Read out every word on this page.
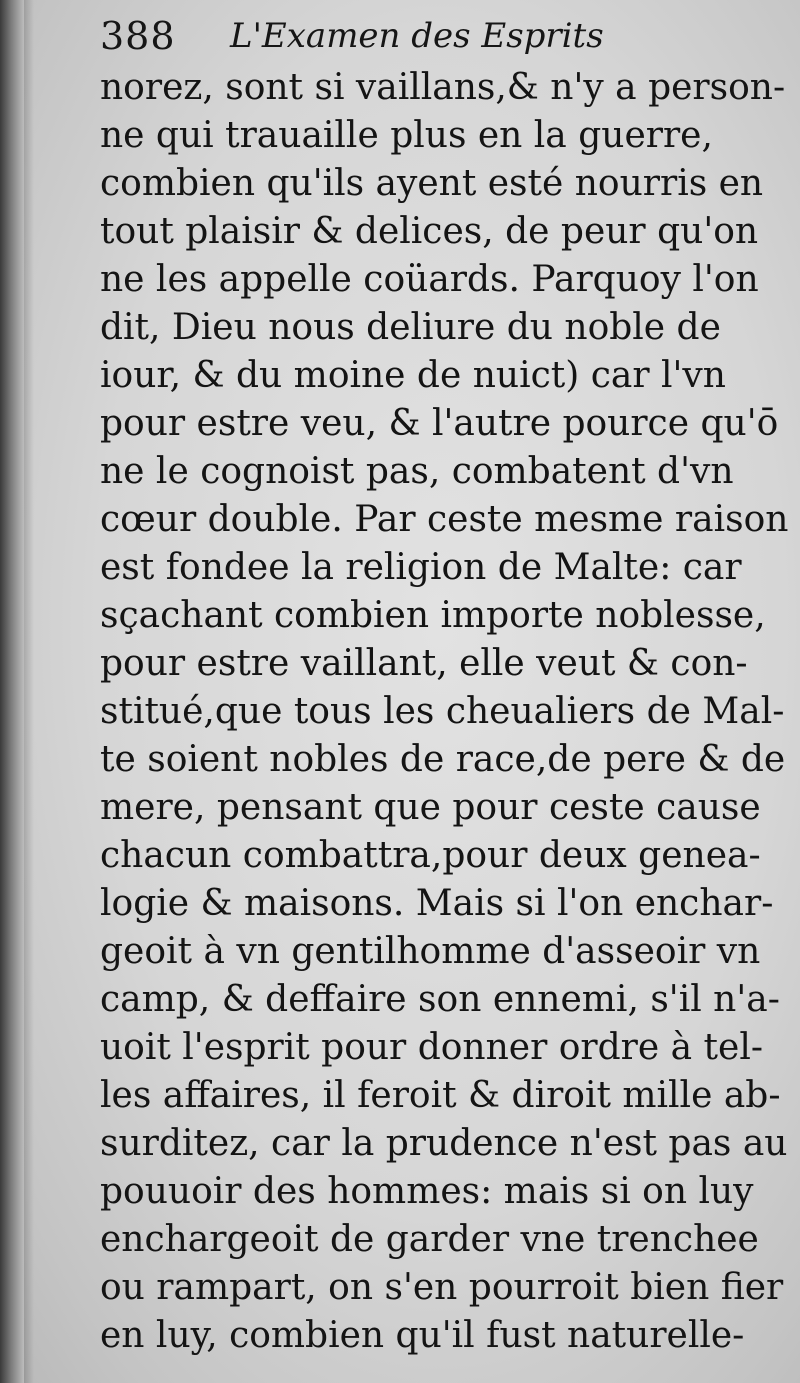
388 L'Examen des Esprits
norez, sont si vaillans,& n'y a person-
ne qui trauaille plus en la guerre,
combien qu'ils ayent esté nourris en
tout plaisir & delices, de peur qu'on
ne les appelle coüards. Parquoy l'on
dit, Dieu nous deliure du noble de
iour, & du moine de nuict) car l'vn
pour estre veu, & l'autre pource qu'ō
ne le cognoist pas, combatent d'vn
cœur double. Par ceste mesme raison
est fondee la religion de Malte: car
sçachant combien importe noblesse,
pour estre vaillant, elle veut & con-
stitué,que tous les cheualiers de Mal-
te soient nobles de race,de pere & de
mere, pensant que pour ceste cause
chacun combattra,pour deux genea-
logie & maisons. Mais si l'on enchar-
geoit à vn gentilhomme d'asseoir vn
camp, & deffaire son ennemi, s'il n'a-
uoit l'esprit pour donner ordre à tel-
les affaires, il feroit & diroit mille ab-
surditez, car la prudence n'est pas au
pouuoir des hommes: mais si on luy
enchargeoit de garder vne trenchee
ou rampart, on s'en pourroit bien fier
en luy, combien qu'il fust naturelle-
